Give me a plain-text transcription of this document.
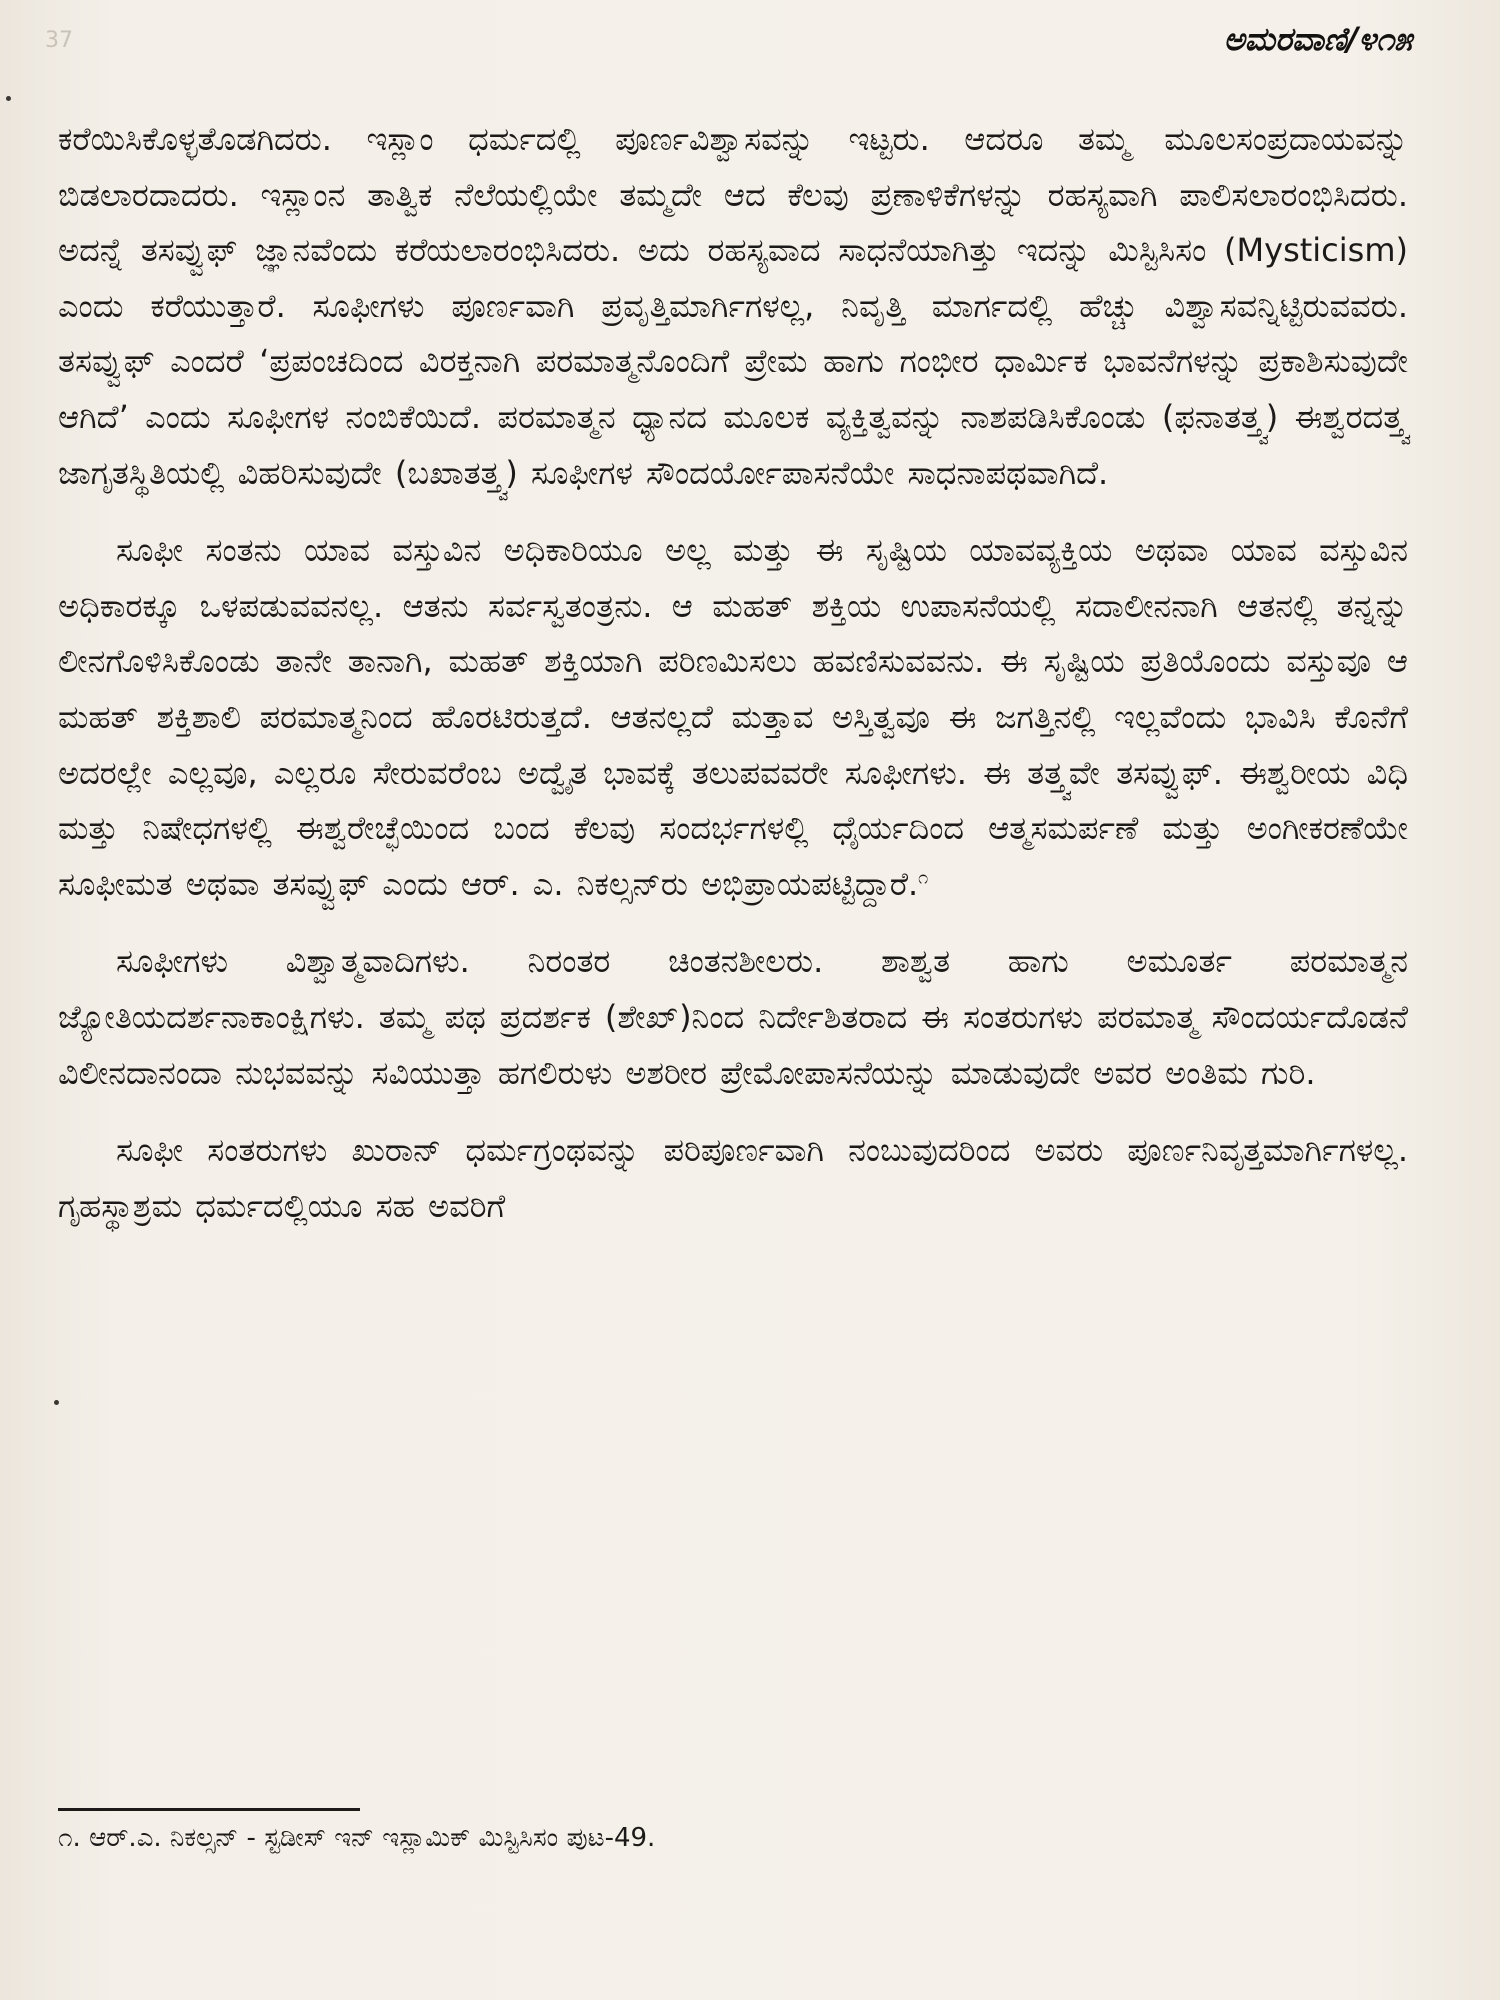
37	ಅಮರವಾಣಿ/೪೧೫

ಕರೆಯಿಸಿಕೊಳ್ಳತೊಡಗಿದರು. ಇಸ್ಲಾಂ ಧರ್ಮದಲ್ಲಿ ಪೂರ್ಣವಿಶ್ವಾಸವನ್ನು ಇಟ್ಟರು. ಆದರೂ ತಮ್ಮ ಮೂಲಸಂಪ್ರದಾಯವನ್ನು ಬಿಡಲಾರದಾದರು. ಇಸ್ಲಾಂನ ತಾತ್ವಿಕ ನೆಲೆಯಲ್ಲಿಯೇ ತಮ್ಮದೇ ಆದ ಕೆಲವು ಪ್ರಣಾಳಿಕೆಗಳನ್ನು ರಹಸ್ಯವಾಗಿ ಪಾಲಿಸಲಾರಂಭಿಸಿದರು. ಅದನ್ನೆ ತಸವ್ವುಫ್ ಜ್ಞಾನವೆಂದು ಕರೆಯಲಾರಂಭಿಸಿದರು. ಅದು ರಹಸ್ಯವಾದ ಸಾಧನೆಯಾಗಿತ್ತು ಇದನ್ನು ಮಿಸ್ಟಿಸಿಸಂ (Mysticism) ಎಂದು ಕರೆಯುತ್ತಾರೆ. ಸೂಫೀಗಳು ಪೂರ್ಣವಾಗಿ ಪ್ರವೃತ್ತಿಮಾರ್ಗಿಗಳಲ್ಲ, ನಿವೃತ್ತಿ ಮಾರ್ಗದಲ್ಲಿ ಹೆಚ್ಚು ವಿಶ್ವಾಸವನ್ನಿಟ್ಟಿರುವವರು. ತಸವ್ವುಫ್ ಎಂದರೆ ‘ಪ್ರಪಂಚದಿಂದ ವಿರಕ್ತನಾಗಿ ಪರಮಾತ್ಮನೊಂದಿಗೆ ಪ್ರೇಮ ಹಾಗು ಗಂಭೀರ ಧಾರ್ಮಿಕ ಭಾವನೆಗಳನ್ನು ಪ್ರಕಾಶಿಸುವುದೇ ಆಗಿದೆ’ ಎಂದು ಸೂಫೀಗಳ ನಂಬಿಕೆಯಿದೆ. ಪರಮಾತ್ಮನ ಧ್ಯಾನದ ಮೂಲಕ ವ್ಯಕ್ತಿತ್ವವನ್ನು ನಾಶಪಡಿಸಿಕೊಂಡು (ಫನಾತತ್ತ್ವ) ಈಶ್ವರದತ್ತ್ವ ಜಾಗೃತಸ್ಥಿತಿಯಲ್ಲಿ ವಿಹರಿಸುವುದೇ (ಬಖಾತತ್ತ್ವ) ಸೂಫೀಗಳ ಸೌಂದರ್ಯೋಪಾಸನೆಯೇ ಸಾಧನಾಪಥವಾಗಿದೆ.

ಸೂಫೀ ಸಂತನು ಯಾವ ವಸ್ತುವಿನ ಅಧಿಕಾರಿಯೂ ಅಲ್ಲ ಮತ್ತು ಈ ಸೃಷ್ಟಿಯ ಯಾವವ್ಯಕ್ತಿಯ ಅಥವಾ ಯಾವ ವಸ್ತುವಿನ ಅಧಿಕಾರಕ್ಕೂ ಒಳಪಡುವವನಲ್ಲ. ಆತನು ಸರ್ವಸ್ವತಂತ್ರನು. ಆ ಮಹತ್ ಶಕ್ತಿಯ ಉಪಾಸನೆಯಲ್ಲಿ ಸದಾಲೀನನಾಗಿ ಆತನಲ್ಲಿ ತನ್ನನ್ನು ಲೀನಗೊಳಿಸಿಕೊಂಡು ತಾನೇ ತಾನಾಗಿ, ಮಹತ್ ಶಕ್ತಿಯಾಗಿ ಪರಿಣಮಿಸಲು ಹವಣಿಸುವವನು. ಈ ಸೃಷ್ಟಿಯ ಪ್ರತಿಯೊಂದು ವಸ್ತುವೂ ಆ ಮಹತ್ ಶಕ್ತಿಶಾಲಿ ಪರಮಾತ್ಮನಿಂದ ಹೊರಟಿರುತ್ತದೆ. ಆತನಲ್ಲದೆ ಮತ್ತಾವ ಅಸ್ತಿತ್ವವೂ ಈ ಜಗತ್ತಿನಲ್ಲಿ ಇಲ್ಲವೆಂದು ಭಾವಿಸಿ ಕೊನೆಗೆ ಅದರಲ್ಲೇ ಎಲ್ಲವೂ, ಎಲ್ಲರೂ ಸೇರುವರೆಂಬ ಅದ್ವೈತ ಭಾವಕ್ಕೆ ತಲುಪವವರೇ ಸೂಫೀಗಳು. ಈ ತತ್ತ್ವವೇ ತಸವ್ವುಫ್. ಈಶ್ವರೀಯ ವಿಧಿ ಮತ್ತು ನಿಷೇಧಗಳಲ್ಲಿ ಈಶ್ವರೇಚ್ಛೆಯಿಂದ ಬಂದ ಕೆಲವು ಸಂದರ್ಭಗಳಲ್ಲಿ ಧೈರ್ಯದಿಂದ ಆತ್ಮಸಮರ್ಪಣೆ ಮತ್ತು ಅಂಗೀಕರಣೆಯೇ ಸೂಫೀಮತ ಅಥವಾ ತಸವ್ವುಫ್ ಎಂದು ಆರ್. ಎ. ನಿಕಲ್ಸನ್‌ರು ಅಭಿಪ್ರಾಯಪಟ್ಟಿದ್ದಾರೆ.$^೧$

ಸೂಫೀಗಳು ವಿಶ್ವಾತ್ಮವಾದಿಗಳು. ನಿರಂತರ ಚಿಂತನಶೀಲರು. ಶಾಶ್ವತ ಹಾಗು ಅಮೂರ್ತ ಪರಮಾತ್ಮನ ಜ್ಯೋತಿಯದರ್ಶನಾಕಾಂಕ್ಷಿಗಳು. ತಮ್ಮ ಪಥ ಪ್ರದರ್ಶಕ (ಶೇಖ್)ನಿಂದ ನಿರ್ದೇಶಿತರಾದ ಈ ಸಂತರುಗಳು ಪರಮಾತ್ಮ ಸೌಂದರ್ಯದೊಡನೆ ವಿಲೀನದಾನಂದಾ ನುಭವವನ್ನು ಸವಿಯುತ್ತಾ ಹಗಲಿರುಳು ಅಶರೀರ ಪ್ರೇಮೋಪಾಸನೆಯನ್ನು ಮಾಡುವುದೇ ಅವರ ಅಂತಿಮ ಗುರಿ.

ಸೂಫೀ ಸಂತರುಗಳು ಖುರಾನ್ ಧರ್ಮಗ್ರಂಥವನ್ನು ಪರಿಪೂರ್ಣವಾಗಿ ನಂಬುವುದರಿಂದ ಅವರು ಪೂರ್ಣನಿವೃತ್ತಮಾರ್ಗಿಗಳಲ್ಲ. ಗೃಹಸ್ಥಾಶ್ರಮ ಧರ್ಮದಲ್ಲಿಯೂ ಸಹ ಅವರಿಗೆ

೧. ಆರ್.ಎ. ನಿಕಲ್ಸನ್ - ಸ್ಟಡೀಸ್ ಇನ್ ಇಸ್ಲಾಮಿಕ್ ಮಿಸ್ಟಿಸಿಸಂ ಪುಟ-49.
